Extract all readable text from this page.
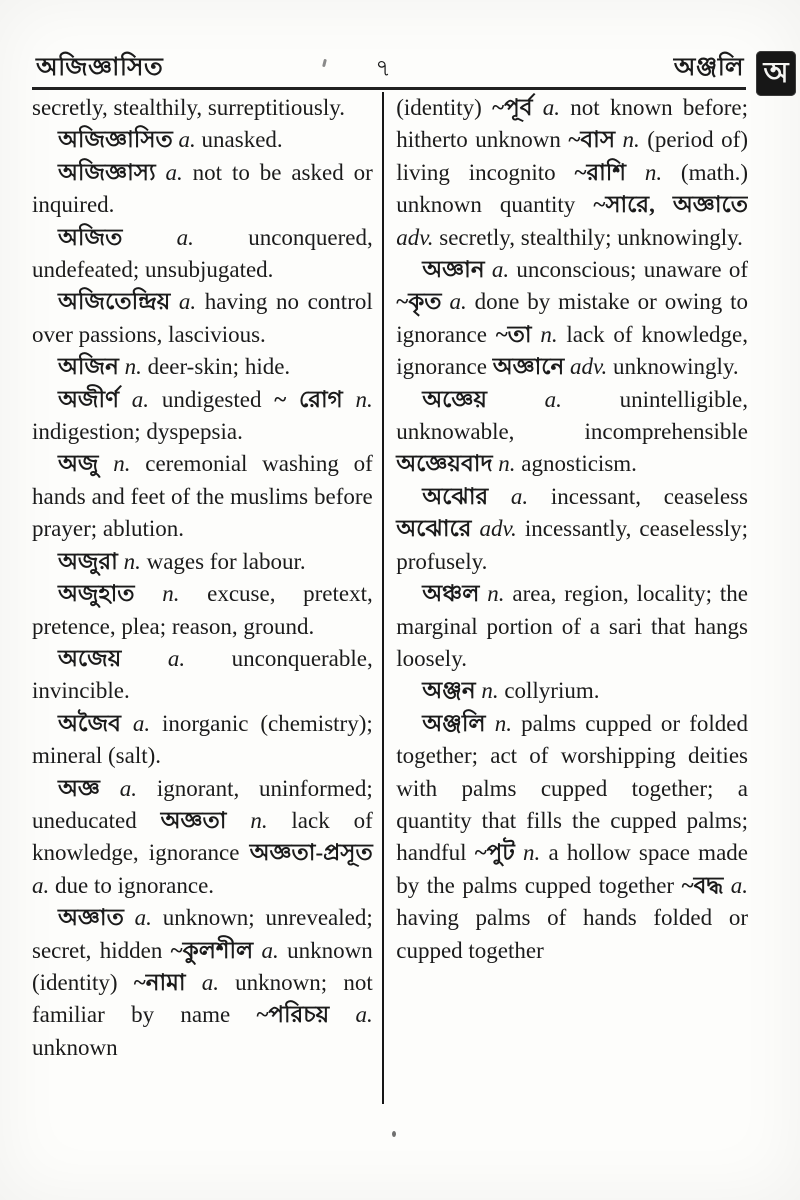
অজিজ্ঞাসিত	৭	অঞ্জলি অ

secretly, stealthily, surreptitiously.

অজিজ্ঞাসিত a. unasked.

অজিজ্ঞাস্য a. not to be asked or inquired.

অজিত a. unconquered, undefeated; unsubjugated.

অজিতেন্দ্রিয় a. having no control over passions, lascivious.

অজিন n. deer-skin; hide.

অজীর্ণ a. undigested ~ রোগ n. indigestion; dyspepsia.

অজু n. ceremonial washing of hands and feet of the muslims before prayer; ablution.

অজুরা n. wages for labour.

অজুহাত n. excuse, pretext, pretence, plea; reason, ground.

অজেয় a. unconquerable, invincible.

অজৈব a. inorganic (chemistry); mineral (salt).

অজ্ঞ a. ignorant, uninformed; uneducated অজ্ঞতা n. lack of knowledge, ignorance অজ্ঞতা-প্রসূত a. due to ignorance.

অজ্ঞাত a. unknown; unrevealed; secret, hidden ~কুলশীল a. unknown (identity) ~নামা a. unknown; not familiar by name ~পরিচয় a. unknown

(identity) ~পূর্ব a. not known before; hitherto unknown ~বাস n. (period of) living incognito ~রাশি n. (math.) unknown quantity ~সারে, অজ্ঞাতে adv. secretly, stealthily; unknowingly.

অজ্ঞান a. unconscious; unaware of ~কৃত a. done by mistake or owing to ignorance ~তা n. lack of knowledge, ignorance অজ্ঞানে adv. unknowingly.

অজ্ঞেয় a. unintelligible, unknowable, incomprehensible অজ্ঞেয়বাদ n. agnosticism.

অঝোর a. incessant, ceaseless অঝোরে adv. incessantly, ceaselessly; profusely.

অঞ্চল n. area, region, locality; the marginal portion of a sari that hangs loosely.

অঞ্জন n. collyrium.

অঞ্জলি n. palms cupped or folded together; act of worshipping deities with palms cupped together; a quantity that fills the cupped palms; handful ~পুট n. a hollow space made by the palms cupped together ~বদ্ধ a. having palms of hands folded or cupped together
